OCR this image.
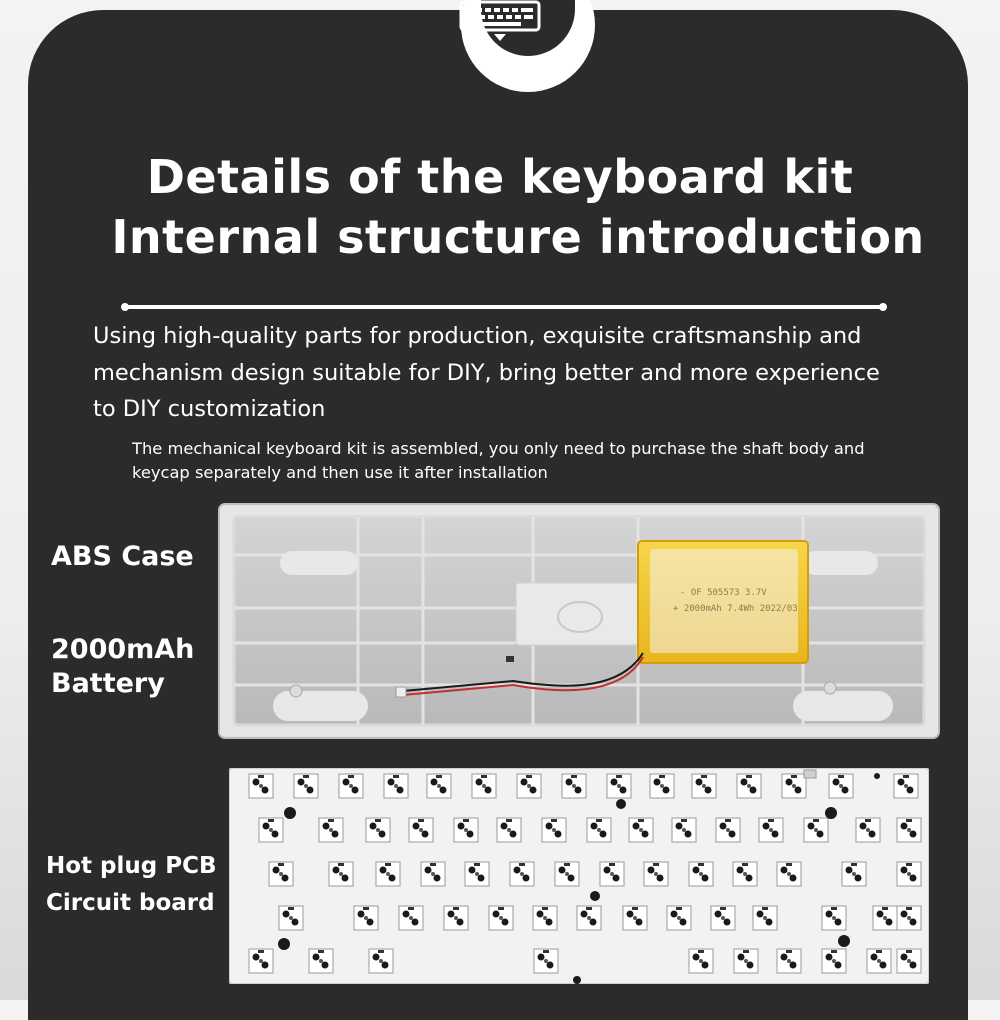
Details of the keyboard kit
Internal structure introduction

Using high-quality parts for production, exquisite craftsmanship and
mechanism design suitable for DIY, bring better and more experience
to DIY customization

The mechanical keyboard kit is assembled, you only need to purchase the shaft body and keycap separately and then use it after installation

ABS Case
2000mAh Battery
Hot plug PCB Circuit board
- OF 505573 3.7V
+ 2000mAh 7.4Wh 2022/03
